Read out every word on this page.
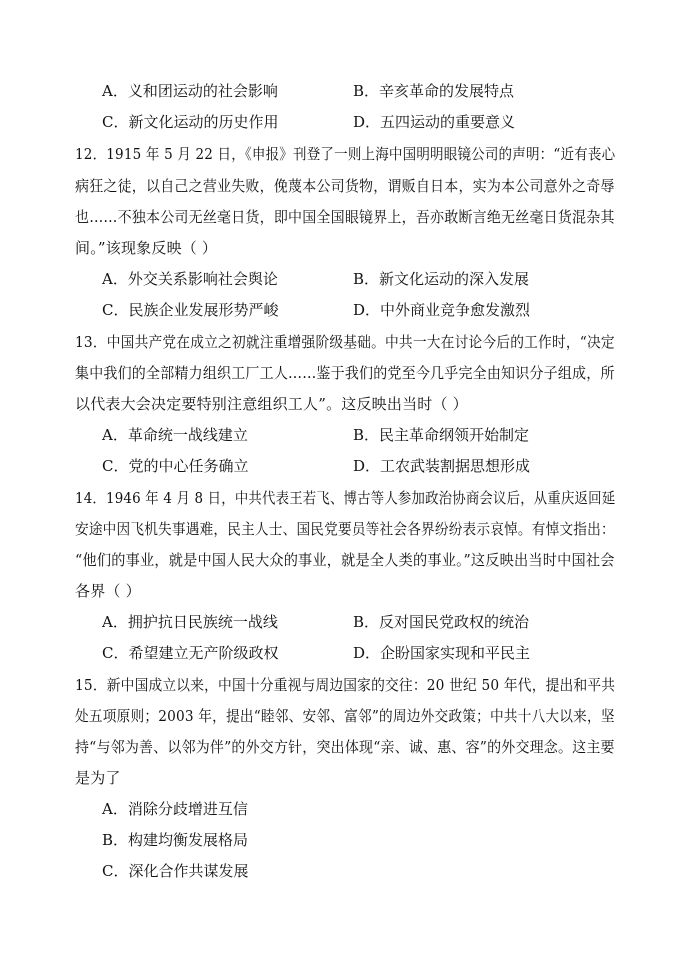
A．义和团运动的社会影响	B．辛亥革命的发展特点
C．新文化运动的历史作用	D．五四运动的重要意义
12．1915 年 5 月 22 日，《申报》刊登了一则上海中国明明眼镜公司的声明：“近有丧心
病狂之徒，以自己之营业失败，俛蔑本公司货物，谓贩自日本，实为本公司意外之奇辱
也……不独本公司无丝毫日货，即中国全国眼镜界上，吾亦敢断言绝无丝毫日货混杂其
间。”该现象反映（ ）
A．外交关系影响社会舆论	B．新文化运动的深入发展
C．民族企业发展形势严峻	D．中外商业竞争愈发激烈
13．中国共产党在成立之初就注重增强阶级基础。中共一大在讨论今后的工作时，“决定
集中我们的全部精力组织工厂工人……鉴于我们的党至今几乎完全由知识分子组成，所
以代表大会决定要特别注意组织工人”。这反映出当时（ ）
A．革命统一战线建立	B．民主革命纲领开始制定
C．党的中心任务确立	D．工农武装割据思想形成
14．1946 年 4 月 8 日，中共代表王若飞、博古等人参加政治协商会议后，从重庆返回延
安途中因飞机失事遇难，民主人士、国民党要员等社会各界纷纷表示哀悼。有悼文指出：
“他们的事业，就是中国人民大众的事业，就是全人类的事业。”这反映出当时中国社会
各界（ ）
A．拥护抗日民族统一战线	B．反对国民党政权的统治
C．希望建立无产阶级政权	D．企盼国家实现和平民主
15．新中国成立以来，中国十分重视与周边国家的交往：20 世纪 50 年代，提出和平共
处五项原则；2003 年，提出“睦邻、安邻、富邻”的周边外交政策；中共十八大以来，坚
持“与邻为善、以邻为伴”的外交方针，突出体现“亲、诚、惠、容”的外交理念。这主要
是为了
A．消除分歧增进互信
B．构建均衡发展格局
C．深化合作共谋发展
